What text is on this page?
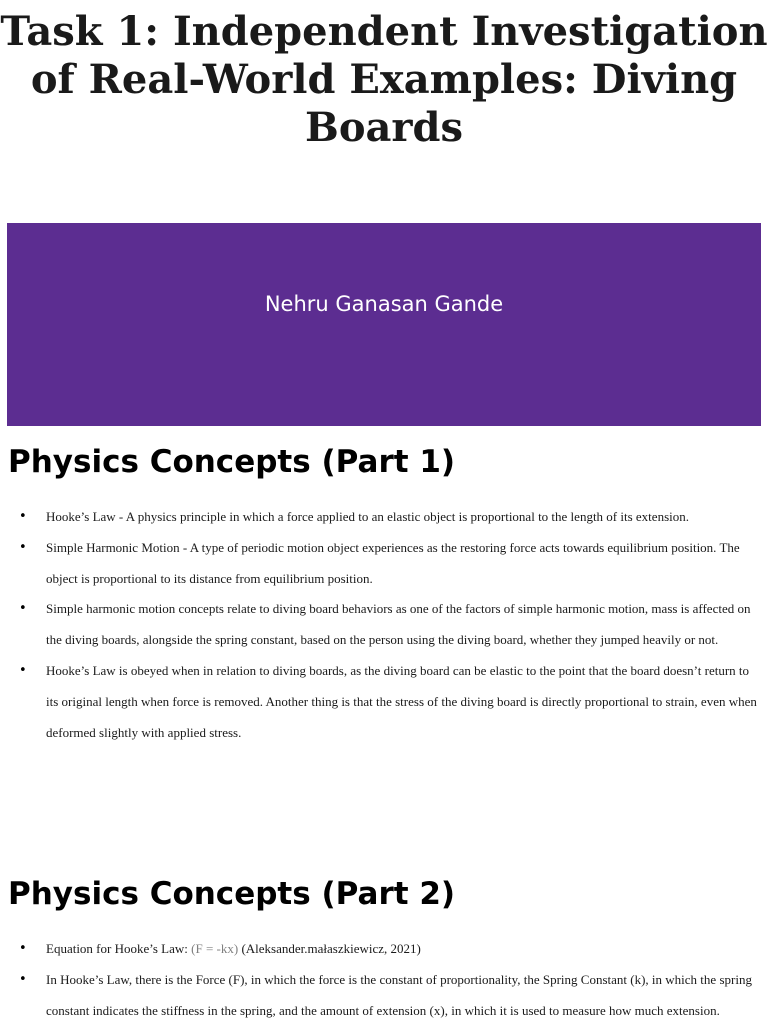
Task 1: Independent Investigation of Real-World Examples: Diving Boards
Nehru Ganasan Gande
Physics Concepts (Part 1)
• Hooke’s Law - A physics principle in which a force applied to an elastic object is proportional to the length of its extension.
• Simple Harmonic Motion - A type of periodic motion object experiences as the restoring force acts towards equilibrium position. The object is proportional to its distance from equilibrium position.
• Simple harmonic motion concepts relate to diving board behaviors as one of the factors of simple harmonic motion, mass is affected on the diving boards, alongside the spring constant, based on the person using the diving board, whether they jumped heavily or not.
• Hooke’s Law is obeyed when in relation to diving boards, as the diving board can be elastic to the point that the board doesn’t return to its original length when force is removed. Another thing is that the stress of the diving board is directly proportional to strain, even when deformed slightly with applied stress.
Physics Concepts (Part 2)
• Equation for Hooke’s Law: (F = -kx) (Aleksander.małaszkiewicz, 2021)
• In Hooke’s Law, there is the Force (F), in which the force is the constant of proportionality, the Spring Constant (k), in which the spring constant indicates the stiffness in the spring, and the amount of extension (x), in which it is used to measure how much extension.
